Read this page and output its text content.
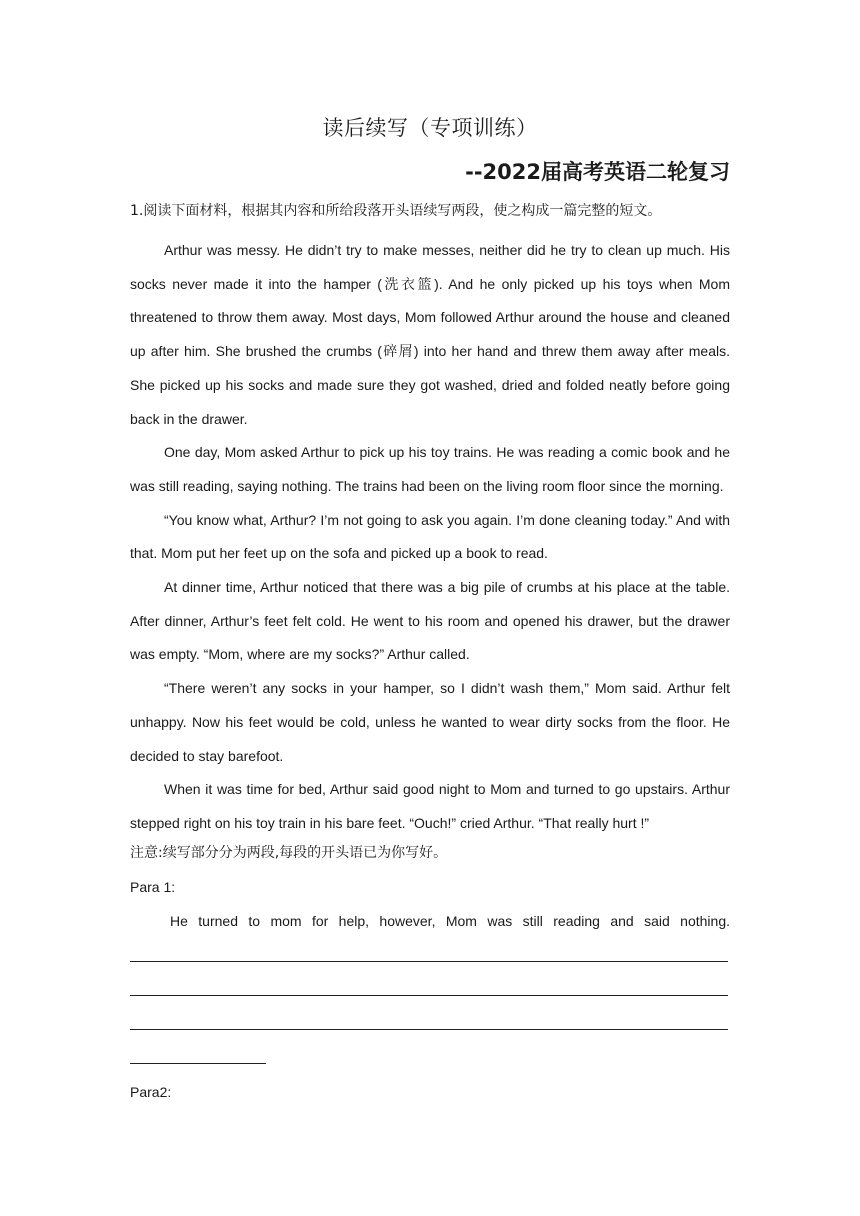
读后续写（专项训练）
--2022届高考英语二轮复习
1.阅读下面材料，根据其内容和所给段落开头语续写两段，使之构成一篇完整的短文。

Arthur was messy. He didn’t try to make messes, neither did he try to clean up much. His socks never made it into the hamper (洗衣篮). And he only picked up his toys when Mom threatened to throw them away. Most days, Mom followed Arthur around the house and cleaned up after him. She brushed the crumbs (碎屑) into her hand and threw them away after meals. She picked up his socks and made sure they got washed, dried and folded neatly before going back in the drawer.

One day, Mom asked Arthur to pick up his toy trains. He was reading a comic book and he was still reading, saying nothing. The trains had been on the living room floor since the morning.

“You know what, Arthur? I’m not going to ask you again. I’m done cleaning today.” And with that. Mom put her feet up on the sofa and picked up a book to read.

At dinner time, Arthur noticed that there was a big pile of crumbs at his place at the table. After dinner, Arthur’s feet felt cold. He went to his room and opened his drawer, but the drawer was empty. “Mom, where are my socks?” Arthur called.

“There weren’t any socks in your hamper, so I didn’t wash them,” Mom said. Arthur felt unhappy. Now his feet would be cold, unless he wanted to wear dirty socks from the floor. He decided to stay barefoot.

When it was time for bed, Arthur said good night to Mom and turned to go upstairs. Arthur stepped right on his toy train in his bare feet. “Ouch!” cried Arthur. “That really hurt !”

注意:续写部分分为两段,每段的开头语已为你写好。
Para 1:
He turned to mom for help, however, Mom was still reading and said nothing.
Para2:
